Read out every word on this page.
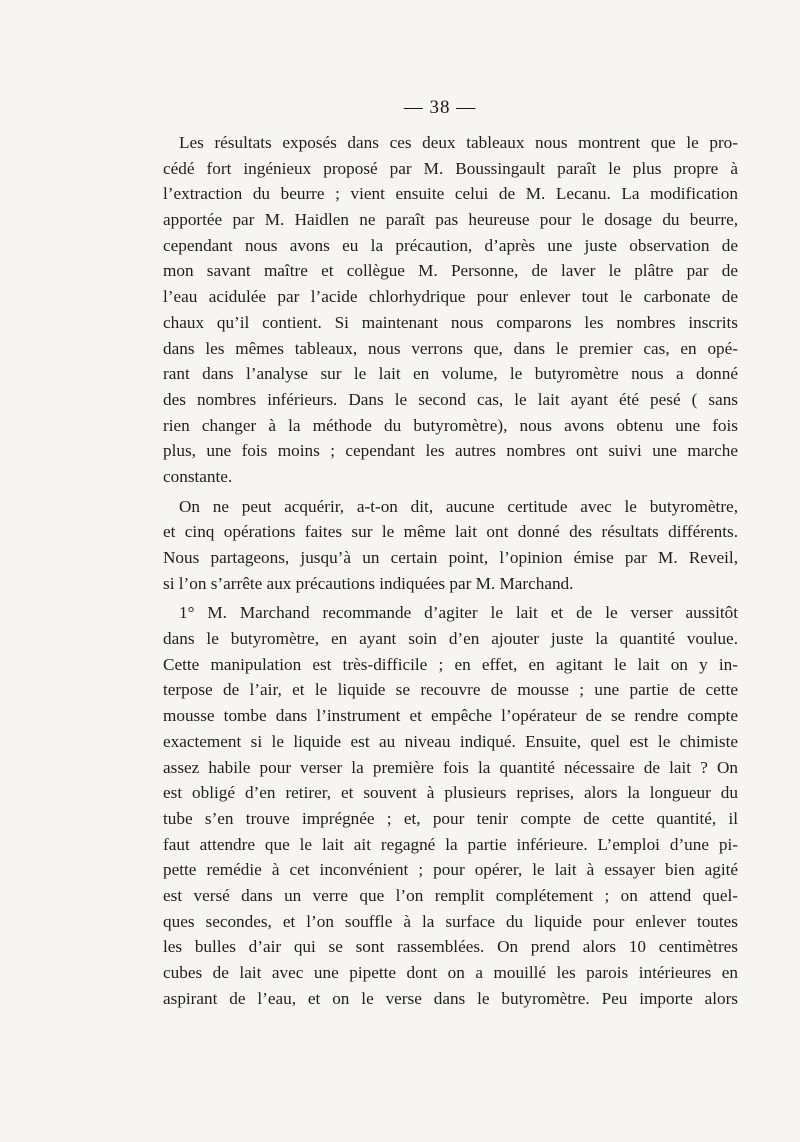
— 38 —
Les résultats exposés dans ces deux tableaux nous montrent que le pro-
cédé fort ingénieux proposé par M. Boussingault paraît le plus propre à
l’extraction du beurre ; vient ensuite celui de M. Lecanu. La modification
apportée par M. Haidlen ne paraît pas heureuse pour le dosage du beurre,
cependant nous avons eu la précaution, d’après une juste observation de
mon savant maître et collègue M. Personne, de laver le plâtre par de
l’eau acidulée par l’acide chlorhydrique pour enlever tout le carbonate de
chaux qu’il contient. Si maintenant nous comparons les nombres inscrits
dans les mêmes tableaux, nous verrons que, dans le premier cas, en opé-
rant dans l’analyse sur le lait en volume, le butyromètre nous a donné
des nombres inférieurs. Dans le second cas, le lait ayant été pesé ( sans
rien changer à la méthode du butyromètre), nous avons obtenu une fois
plus, une fois moins ; cependant les autres nombres ont suivi une marche
constante.
On ne peut acquérir, a-t-on dit, aucune certitude avec le butyromètre,
et cinq opérations faites sur le même lait ont donné des résultats différents.
Nous partageons, jusqu’à un certain point, l’opinion émise par M. Reveil,
si l’on s’arrête aux précautions indiquées par M. Marchand.
1° M. Marchand recommande d’agiter le lait et de le verser aussitôt
dans le butyromètre, en ayant soin d’en ajouter juste la quantité voulue.
Cette manipulation est très-difficile ; en effet, en agitant le lait on y in-
terpose de l’air, et le liquide se recouvre de mousse ; une partie de cette
mousse tombe dans l’instrument et empêche l’opérateur de se rendre compte
exactement si le liquide est au niveau indiqué. Ensuite, quel est le chimiste
assez habile pour verser la première fois la quantité nécessaire de lait ? On
est obligé d’en retirer, et souvent à plusieurs reprises, alors la longueur du
tube s’en trouve imprégnée ; et, pour tenir compte de cette quantité, il
faut attendre que le lait ait regagné la partie inférieure. L’emploi d’une pi-
pette remédie à cet inconvénient ; pour opérer, le lait à essayer bien agité
est versé dans un verre que l’on remplit complétement ; on attend quel-
ques secondes, et l’on souffle à la surface du liquide pour enlever toutes
les bulles d’air qui se sont rassemblées. On prend alors 10 centimètres
cubes de lait avec une pipette dont on a mouillé les parois intérieures en
aspirant de l’eau, et on le verse dans le butyromètre. Peu importe alors
